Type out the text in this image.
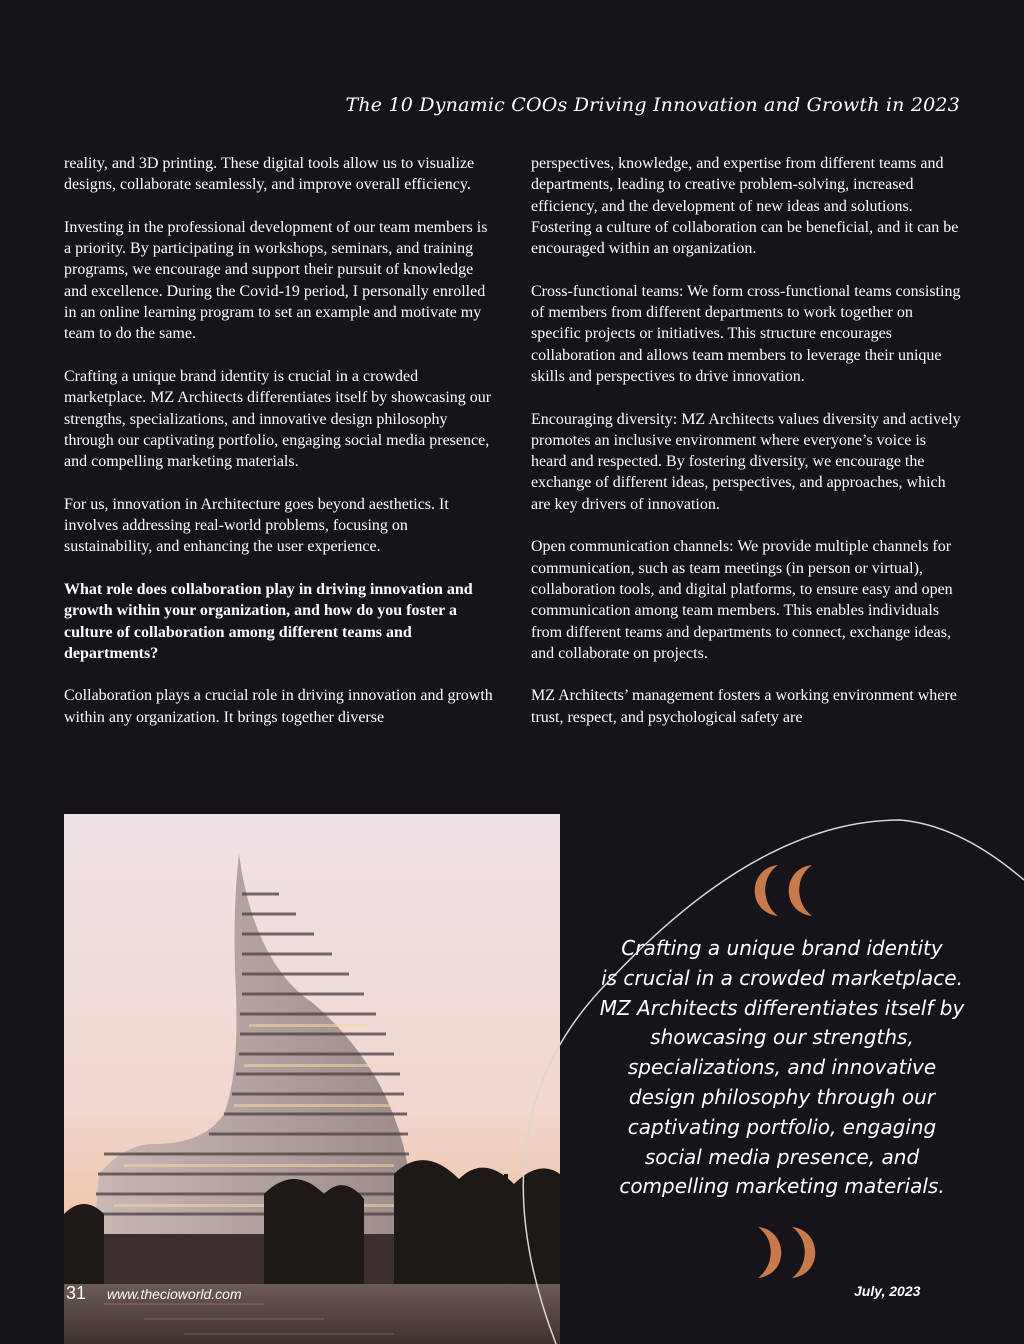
The 10 Dynamic COOs Driving Innovation and Growth in 2023

reality, and 3D printing. These digital tools allow us to visualize designs, collaborate seamlessly, and improve overall efficiency.

Investing in the professional development of our team members is a priority. By participating in workshops, seminars, and training programs, we encourage and support their pursuit of knowledge and excellence. During the Covid-19 period, I personally enrolled in an online learning program to set an example and motivate my team to do the same.

Crafting a unique brand identity is crucial in a crowded marketplace. MZ Architects differentiates itself by showcasing our strengths, specializations, and innovative design philosophy through our captivating portfolio, engaging social media presence, and compelling marketing materials.

For us, innovation in Architecture goes beyond aesthetics. It involves addressing real-world problems, focusing on sustainability, and enhancing the user experience.

What role does collaboration play in driving innovation and growth within your organization, and how do you foster a culture of collaboration among different teams and departments?

Collaboration plays a crucial role in driving innovation and growth within any organization. It brings together diverse

perspectives, knowledge, and expertise from different teams and departments, leading to creative problem-solving, increased efficiency, and the development of new ideas and solutions. Fostering a culture of collaboration can be beneficial, and it can be encouraged within an organization.

Cross-functional teams: We form cross-functional teams consisting of members from different departments to work together on specific projects or initiatives. This structure encourages collaboration and allows team members to leverage their unique skills and perspectives to drive innovation.

Encouraging diversity: MZ Architects values diversity and actively promotes an inclusive environment where everyone’s voice is heard and respected. By fostering diversity, we encourage the exchange of different ideas, perspectives, and approaches, which are key drivers of innovation.

Open communication channels: We provide multiple channels for communication, such as team meetings (in person or virtual), collaboration tools, and digital platforms, to ensure easy and open communication among team members. This enables individuals from different teams and departments to connect, exchange ideas, and collaborate on projects.

MZ Architects’ management fosters a working environment where trust, respect, and psychological safety are

Crafting a unique brand identity
is crucial in a crowded marketplace.
MZ Architects differentiates itself by
showcasing our strengths,
specializations, and innovative
design philosophy through our
captivating portfolio, engaging
social media presence, and
compelling marketing materials.
31 www.thecioworld.com	July, 2023
